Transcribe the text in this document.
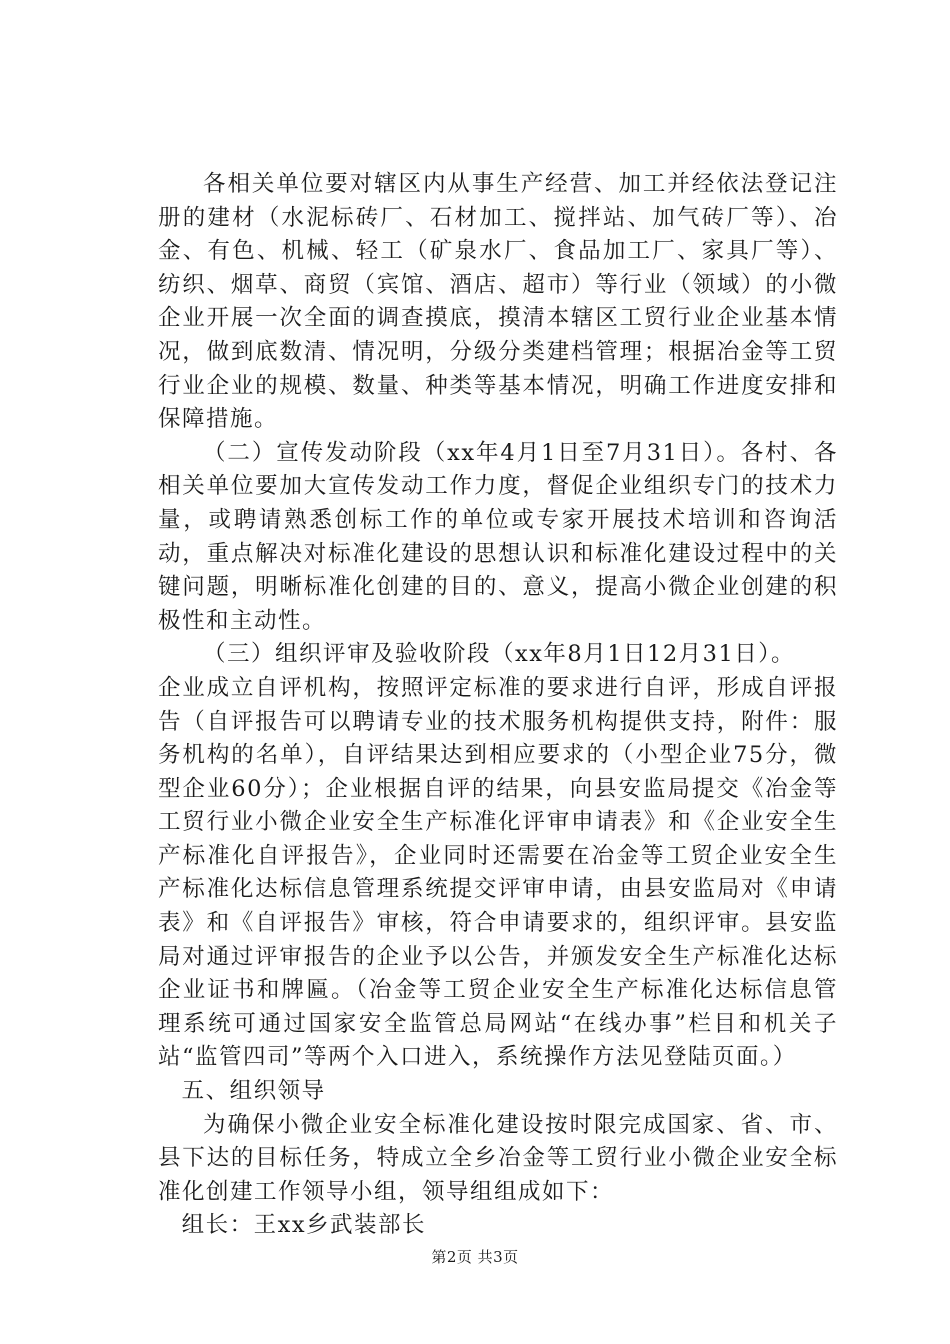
各相关单位要对辖区内从事生产经营、加工并经依法登记注册的建材（水泥标砖厂、石材加工、搅拌站、加气砖厂等）、冶金、有色、机械、轻工（矿泉水厂、食品加工厂、家具厂等）、纺织、烟草、商贸（宾馆、酒店、超市）等行业（领域）的小微企业开展一次全面的调查摸底，摸清本辖区工贸行业企业基本情况，做到底数清、情况明，分级分类建档管理；根据冶金等工贸行业企业的规模、数量、种类等基本情况，明确工作进度安排和保障措施。

（二）宣传发动阶段（xx年4月1日至7月31日）。各村、各相关单位要加大宣传发动工作力度，督促企业组织专门的技术力量，或聘请熟悉创标工作的单位或专家开展技术培训和咨询活动，重点解决对标准化建设的思想认识和标准化建设过程中的关键问题，明晰标准化创建的目的、意义，提高小微企业创建的积极性和主动性。

（三）组织评审及验收阶段（xx年8月1日12月31日）。

企业成立自评机构，按照评定标准的要求进行自评，形成自评报告（自评报告可以聘请专业的技术服务机构提供支持，附件：服务机构的名单），自评结果达到相应要求的（小型企业75分，微型企业60分）；企业根据自评的结果，向县安监局提交《冶金等工贸行业小微企业安全生产标准化评审申请表》和《企业安全生产标准化自评报告》，企业同时还需要在冶金等工贸企业安全生产标准化达标信息管理系统提交评审申请，由县安监局对《申请表》和《自评报告》审核，符合申请要求的，组织评审。县安监局对通过评审报告的企业予以公告，并颁发安全生产标准化达标企业证书和牌匾。（冶金等工贸企业安全生产标准化达标信息管理系统可通过国家安全监管总局网站“在线办事”栏目和机关子站“监管四司”等两个入口进入，系统操作方法见登陆页面。）

五、组织领导

为确保小微企业安全标准化建设按时限完成国家、省、市、县下达的目标任务，特成立全乡冶金等工贸行业小微企业安全标准化创建工作领导小组，领导组组成如下：

组长：王xx乡武装部长

第2页 共3页
